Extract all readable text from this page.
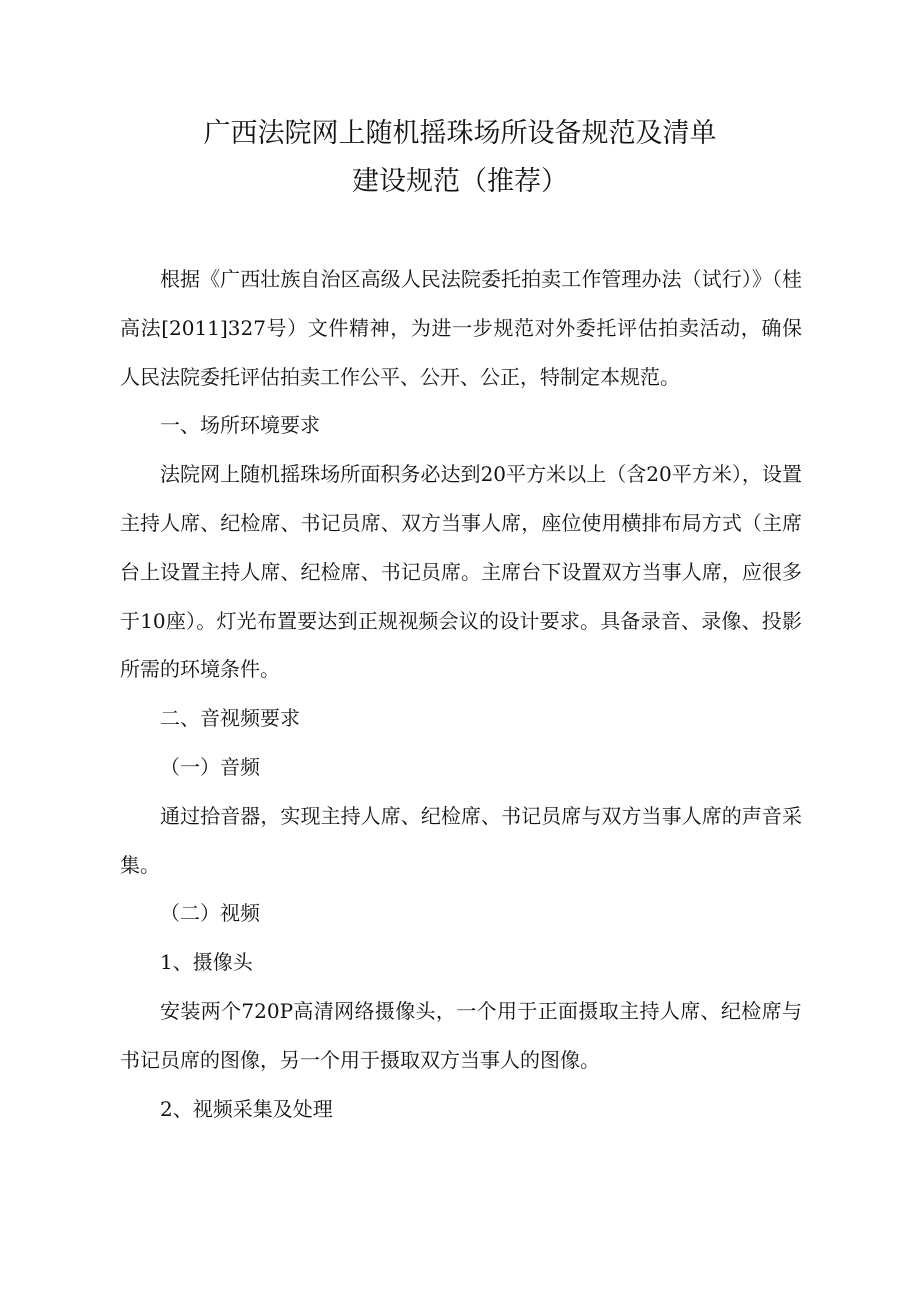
广西法院网上随机摇珠场所设备规范及清单
建设规范（推荐）

根据《广西壮族自治区高级人民法院委托拍卖工作管理办法（试行）》（桂高法[2011]327号）文件精神，为进一步规范对外委托评估拍卖活动，确保人民法院委托评估拍卖工作公平、公开、公正，特制定本规范。

一、场所环境要求

法院网上随机摇珠场所面积务必达到20平方米以上（含20平方米），设置主持人席、纪检席、书记员席、双方当事人席，座位使用横排布局方式（主席台上设置主持人席、纪检席、书记员席。主席台下设置双方当事人席，应很多于10座）。灯光布置要达到正规视频会议的设计要求。具备录音、录像、投影所需的环境条件。

二、音视频要求

（一）音频

通过拾音器，实现主持人席、纪检席、书记员席与双方当事人席的声音采集。

（二）视频

1、摄像头

安装两个720P高清网络摄像头，一个用于正面摄取主持人席、纪检席与书记员席的图像，另一个用于摄取双方当事人的图像。

2、视频采集及处理
